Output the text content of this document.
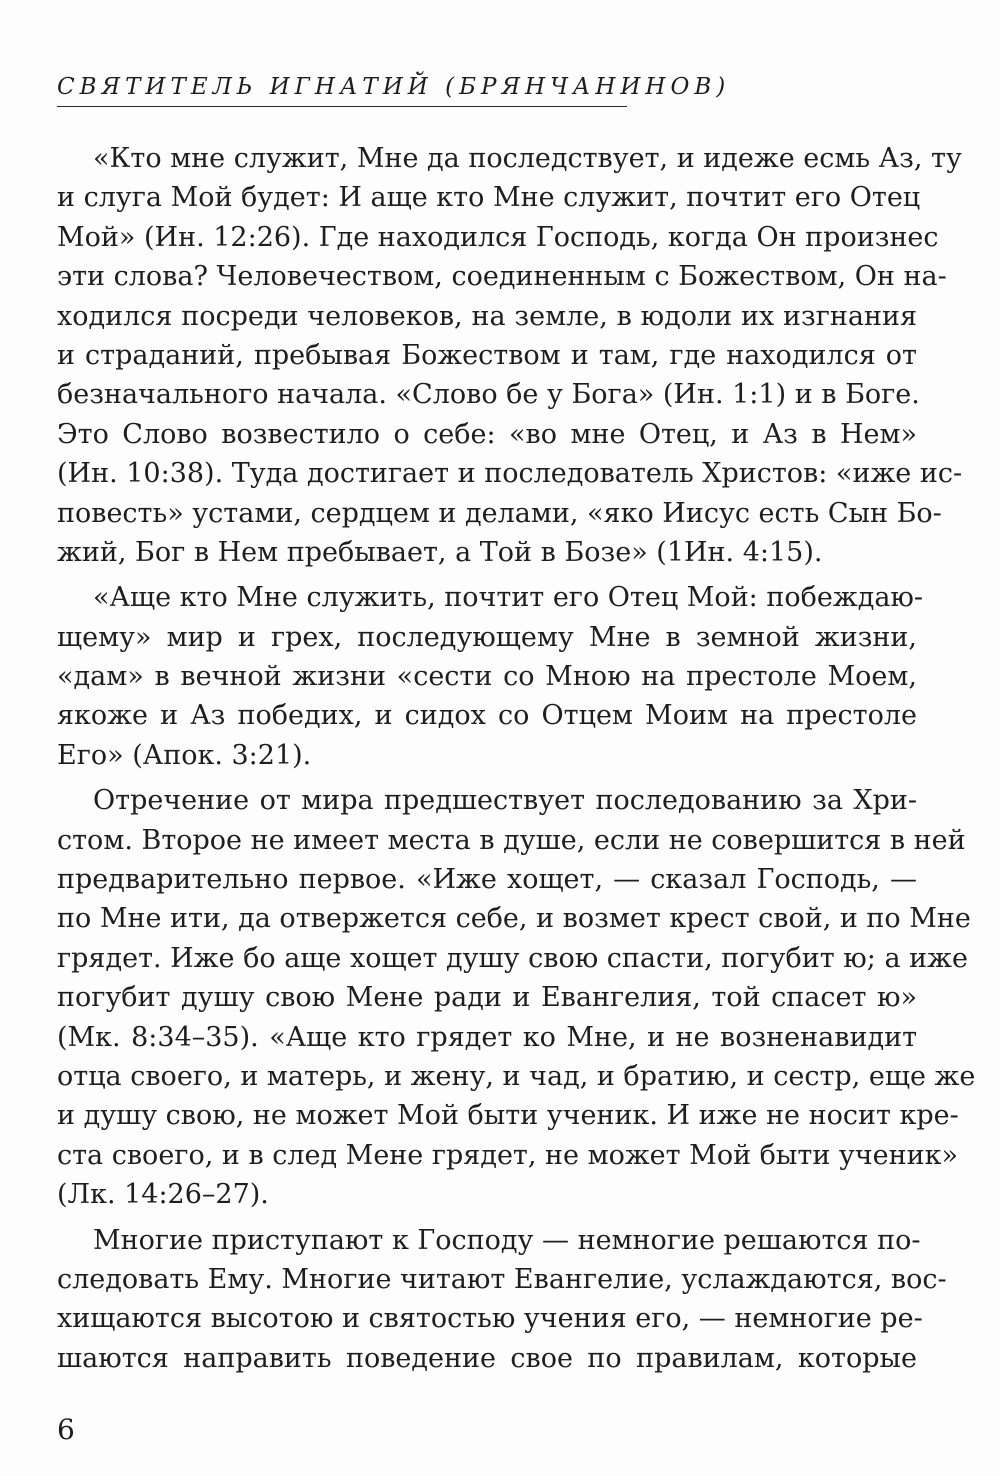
СВЯТИТЕЛЬ ИГНАТИЙ (БРЯНЧАНИНОВ)

«Кто мне служит, Мне да последствует, и идеже есмь Аз, ту
и слуга Мой будет: И аще кто Мне служит, почтит его Отец
Мой» (Ин. 12:26). Где находился Господь, когда Он произнес
эти слова? Человечеством, соединенным с Божеством, Он на-
ходился посреди человеков, на земле, в юдоли их изгнания
и страданий, пребывая Божеством и там, где находился от
безначального начала. «Слово бе у Бога» (Ин. 1:1) и в Боге.
Это Слово возвестило о себе: «во мне Отец, и Аз в Нем»
(Ин. 10:38). Туда достигает и последователь Христов: «иже ис-
повесть» устами, сердцем и делами, «яко Иисус есть Сын Бо-
жий, Бог в Нем пребывает, а Той в Бозе» (1Ин. 4:15).

«Аще кто Мне служить, почтит его Отец Мой: побеждаю-
щему» мир и грех, последующему Мне в земной жизни,
«дам» в вечной жизни «сести со Мною на престоле Моем,
якоже и Аз победих, и сидох со Отцем Моим на престоле
Его» (Апок. 3:21).

Отречение от мира предшествует последованию за Хри-
стом. Второе не имеет места в душе, если не совершится в ней
предварительно первое. «Иже хощет, — сказал Господь, —
по Мне ити, да отвержется себе, и возмет крест свой, и по Мне
грядет. Иже бо аще хощет душу свою спасти, погубит ю; а иже
погубит душу свою Мене ради и Евангелия, той спасет ю»
(Мк. 8:34–35). «Аще кто грядет ко Мне, и не возненавидит
отца своего, и матерь, и жену, и чад, и братию, и сестр, еще же
и душу свою, не может Мой быти ученик. И иже не носит кре-
ста своего, и в след Мене грядет, не может Мой быти ученик»
(Лк. 14:26–27).

Многие приступают к Господу — немногие решаются по-
следовать Ему. Многие читают Евангелие, услаждаются, вос-
хищаются высотою и святостью учения его, — немногие ре-
шаются направить поведение свое по правилам, которые

6
